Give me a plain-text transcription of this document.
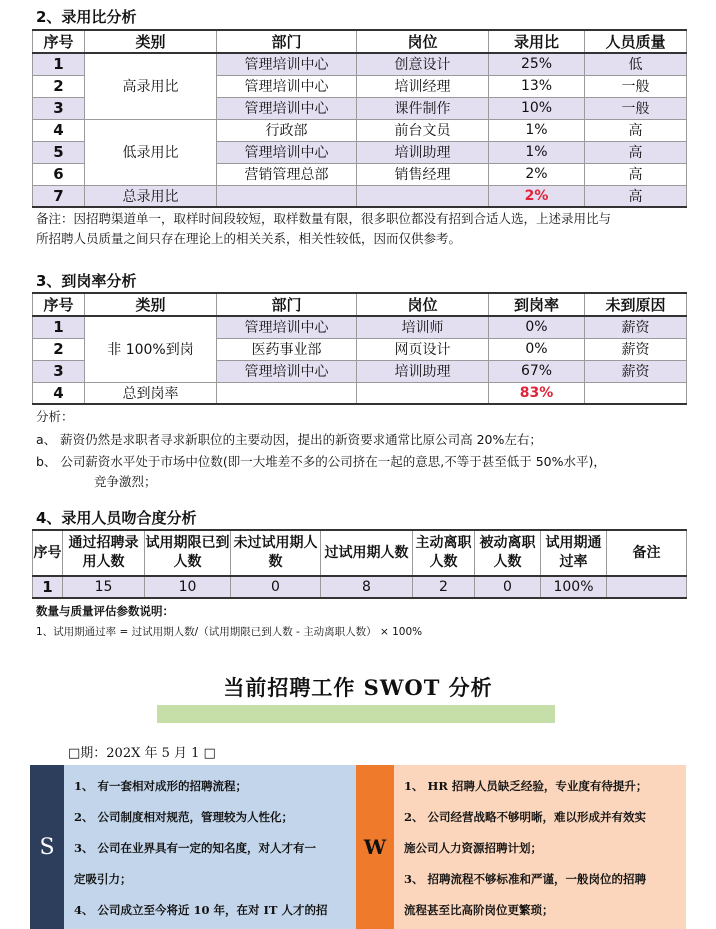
2、录用比分析
序号	类别	部门	岗位	录用比	人员质量
1	高录用比	管理培训中心	创意设计	25%	低
2		管理培训中心	培训经理	13%	一般
3		管理培训中心	课件制作	10%	一般
4	低录用比	行政部	前台文员	1%	高
5		管理培训中心	培训助理	1%	高
6		营销管理总部	销售经理	2%	高
7	总录用比			2%	高
备注：因招聘渠道单一，取样时间段较短，取样数量有限，很多职位都没有招到合适人选，上述录用比与
所招聘人员质量之间只存在理论上的相关关系，相关性较低，因而仅供参考。
3、到岗率分析
序号	类别	部门	岗位	到岗率	未到原因
1	非 100%到岗	管理培训中心	培训师	0%	薪资
2		医药事业部	网页设计	0%	薪资
3		管理培训中心	培训助理	67%	薪资
4	总到岗率			83%	
分析：
a、 薪资仍然是求职者寻求新职位的主要动因，提出的新资要求通常比原公司高 20%左右；
b、 公司薪资水平处于市场中位数(即一大堆差不多的公司挤在一起的意思,不等于甚至低于 50%水平)，
竞争激烈；
4、录用人员吻合度分析
序号	通过招聘录用人数	试用期限已到人数	未过试用期人数	过试用期人数	主动离职人数	被动离职人数	试用期通过率	备注
1	15	10	0	8	2	0	100%	
数量与质量评估参数说明：
1、试用期通过率 = 过试用期人数/（试用期限已到人数 - 主动离职人数） × 100%
当前招聘工作 SWOT 分析
□期：202X 年 5 月 1 □
S
1、 有一套相对成形的招聘流程；
2、 公司制度相对规范，管理较为人性化；
3、 公司在业界具有一定的知名度，对人才有一
定吸引力；
4、 公司成立至今将近 10 年，在对 IT 人才的招
W
1、 HR 招聘人员缺乏经验，专业度有待提升；
2、 公司经营战略不够明晰，难以形成并有效实
施公司人力资源招聘计划；
3、 招聘流程不够标准和严谨，一般岗位的招聘
流程甚至比高阶岗位更繁琐；
